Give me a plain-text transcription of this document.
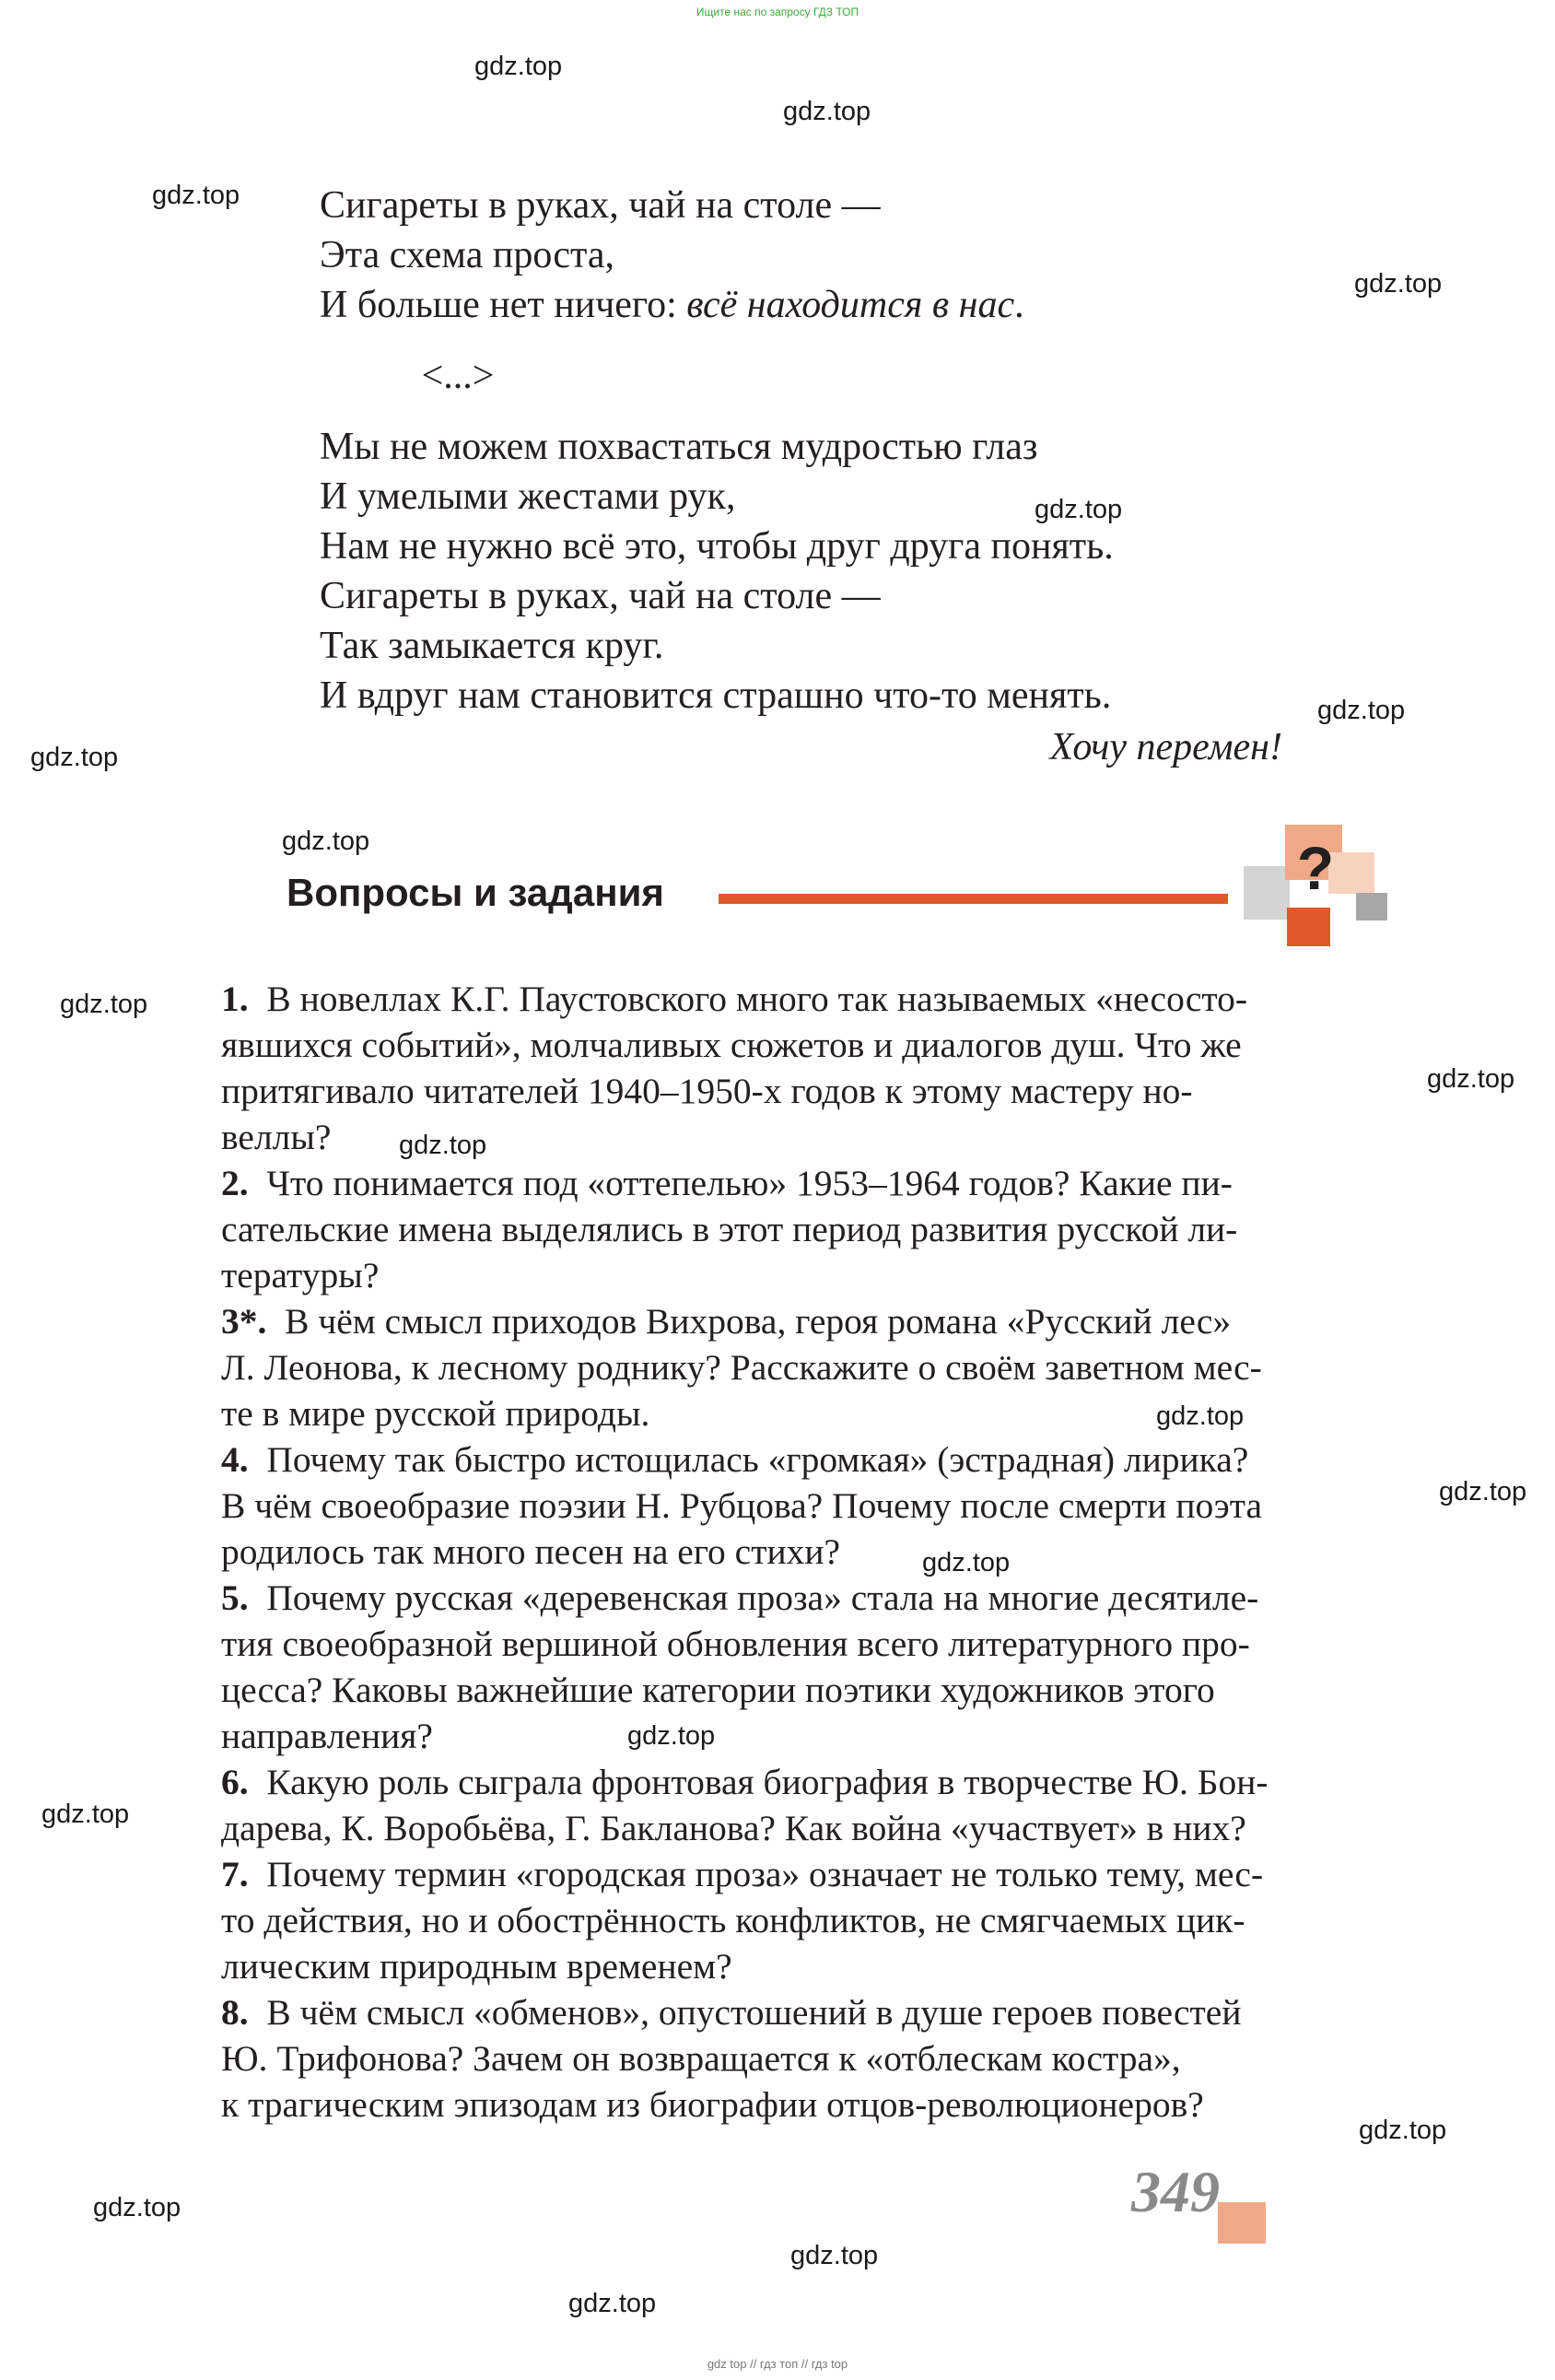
Ищите нас по запросу ГДЗ ТОП
Сигареты в руках, чай на столе —
Эта схема проста,
И больше нет ничего: всё находится в нас.
<...>
Мы не можем похвастаться мудростью глаз
И умелыми жестами рук,
Нам не нужно всё это, чтобы друг друга понять.
Сигареты в руках, чай на столе —
Так замыкается круг.
И вдруг нам становится страшно что-то менять.
Хочу перемен!
Вопросы и задания	?
1. В новеллах К.Г. Паустовского много так называемых «несосто-
явшихся событий», молчаливых сюжетов и диалогов душ. Что же
притягивало читателей 1940–1950-х годов к этому мастеру но-
веллы?
2. Что понимается под «оттепелью» 1953–1964 годов? Какие пи-
сательские имена выделялись в этот период развития русской ли-
тературы?
3*. В чём смысл приходов Вихрова, героя романа «Русский лес»
Л. Леонова, к лесному роднику? Расскажите о своём заветном мес-
те в мире русской природы.
4. Почему так быстро истощилась «громкая» (эстрадная) лирика?
В чём своеобразие поэзии Н. Рубцова? Почему после смерти поэта
родилось так много песен на его стихи?
5. Почему русская «деревенская проза» стала на многие десятиле-
тия своеобразной вершиной обновления всего литературного про-
цесса? Каковы важнейшие категории поэтики художников этого
направления?
6. Какую роль сыграла фронтовая биография в творчестве Ю. Бон-
дарева, К. Воробьёва, Г. Бакланова? Как война «участвует» в них?
7. Почему термин «городская проза» означает не только тему, мес-
то действия, но и обострённость конфликтов, не смягчаемых цик-
лическим природным временем?
8. В чём смысл «обменов», опустошений в душе героев повестей
Ю. Трифонова? Зачем он возвращается к «отблескам костра»,
к трагическим эпизодам из биографии отцов-революционеров?
349
gdz.top
gdz.top
gdz.top
gdz.top
gdz.top
gdz.top
gdz.top
gdz.top
gdz.top
gdz.top
gdz.top
gdz.top
gdz.top
gdz.top
gdz.top
gdz.top
gdz.top
gdz.top
gdz.top
gdz.top
gdz top // гдз топ // гдз top
